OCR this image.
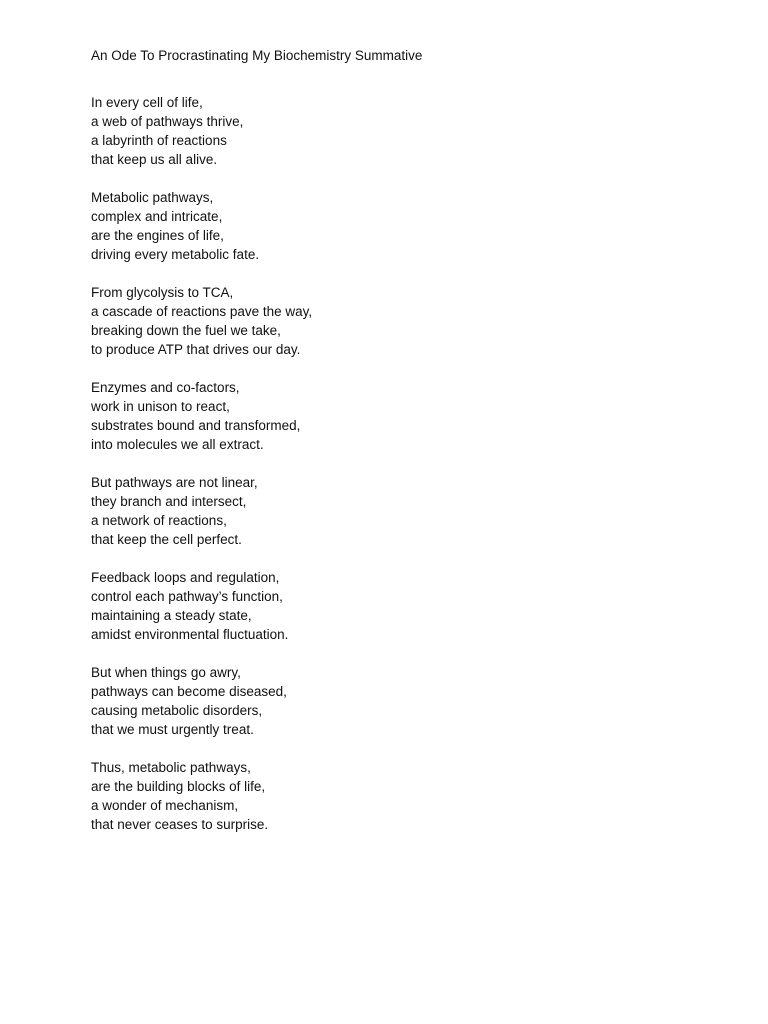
An Ode To Procrastinating My Biochemistry Summative
In every cell of life,
a web of pathways thrive,
a labyrinth of reactions
that keep us all alive.
Metabolic pathways,
complex and intricate,
are the engines of life,
driving every metabolic fate.
From glycolysis to TCA,
a cascade of reactions pave the way,
breaking down the fuel we take,
to produce ATP that drives our day.
Enzymes and co-factors,
work in unison to react,
substrates bound and transformed,
into molecules we all extract.
But pathways are not linear,
they branch and intersect,
a network of reactions,
that keep the cell perfect.
Feedback loops and regulation,
control each pathway’s function,
maintaining a steady state,
amidst environmental fluctuation.
But when things go awry,
pathways can become diseased,
causing metabolic disorders,
that we must urgently treat.
Thus, metabolic pathways,
are the building blocks of life,
a wonder of mechanism,
that never ceases to surprise.
